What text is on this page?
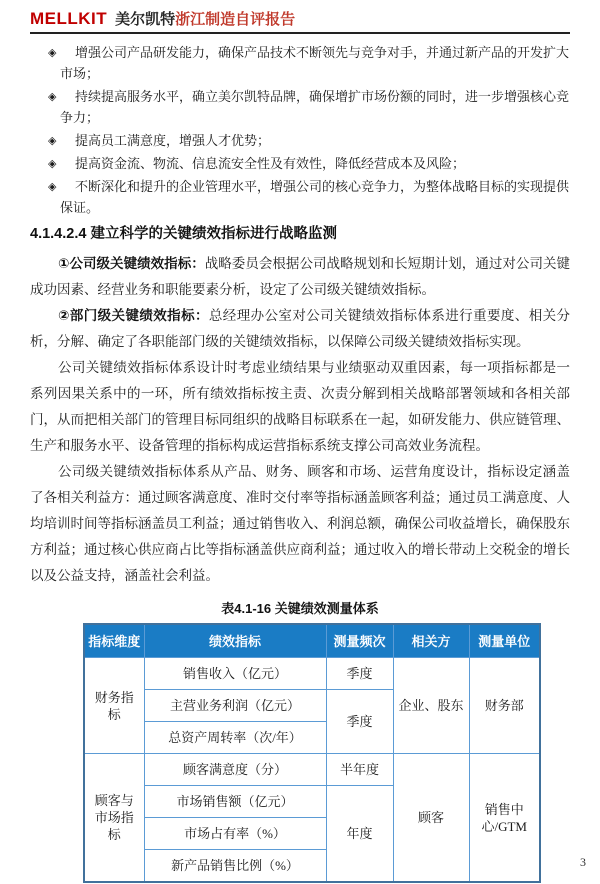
MELLKIT 美尔凯特浙江制造自评报告
◈ 增强公司产品研发能力，确保产品技术不断领先与竞争对手，并通过新产品的开发扩大市场；
◈ 持续提高服务水平，确立美尔凯特品牌，确保增扩市场份额的同时，进一步增强核心竞争力；
◈ 提高员工满意度，增强人才优势；
◈ 提高资金流、物流、信息流安全性及有效性，降低经营成本及风险；
◈ 不断深化和提升的企业管理水平，增强公司的核心竞争力，为整体战略目标的实现提供保证。
4.1.4.2.4 建立科学的关键绩效指标进行战略监测

①公司级关键绩效指标：战略委员会根据公司战略规划和长短期计划，通过对公司关键成功因素、经营业务和职能要素分析，设定了公司级关键绩效指标。

②部门级关键绩效指标：总经理办公室对公司关键绩效指标体系进行重要度、相关分析，分解、确定了各职能部门级的关键绩效指标，以保障公司级关键绩效指标实现。

公司关键绩效指标体系设计时考虑业绩结果与业绩驱动双重因素，每一项指标都是一系列因果关系中的一环，所有绩效指标按主责、次责分解到相关战略部署领域和各相关部门，从而把相关部门的管理目标同组织的战略目标联系在一起，如研发能力、供应链管理、生产和服务水平、设备管理的指标构成运营指标系统支撑公司高效业务流程。

公司级关键绩效指标体系从产品、财务、顾客和市场、运营角度设计，指标设定涵盖了各相关利益方：通过顾客满意度、准时交付率等指标涵盖顾客利益；通过员工满意度、人均培训时间等指标涵盖员工利益；通过销售收入、利润总额，确保公司收益增长，确保股东方利益；通过核心供应商占比等指标涵盖供应商利益；通过收入的增长带动上交税金的增长以及公益支持，涵盖社会利益。

表4.1-16 关键绩效测量体系
指标维度	绩效指标	测量频次	相关方	测量单位
财务指标	销售收入（亿元）	季度	企业、股东	财务部
	主营业务利润（亿元）	季度		
	总资产周转率（次/年）			
顾客与市场指标	顾客满意度（分）	半年度	顾客	销售中心/GTM
	市场销售额（亿元）	年度		
	市场占有率（%）			
	新产品销售比例（%）				3
